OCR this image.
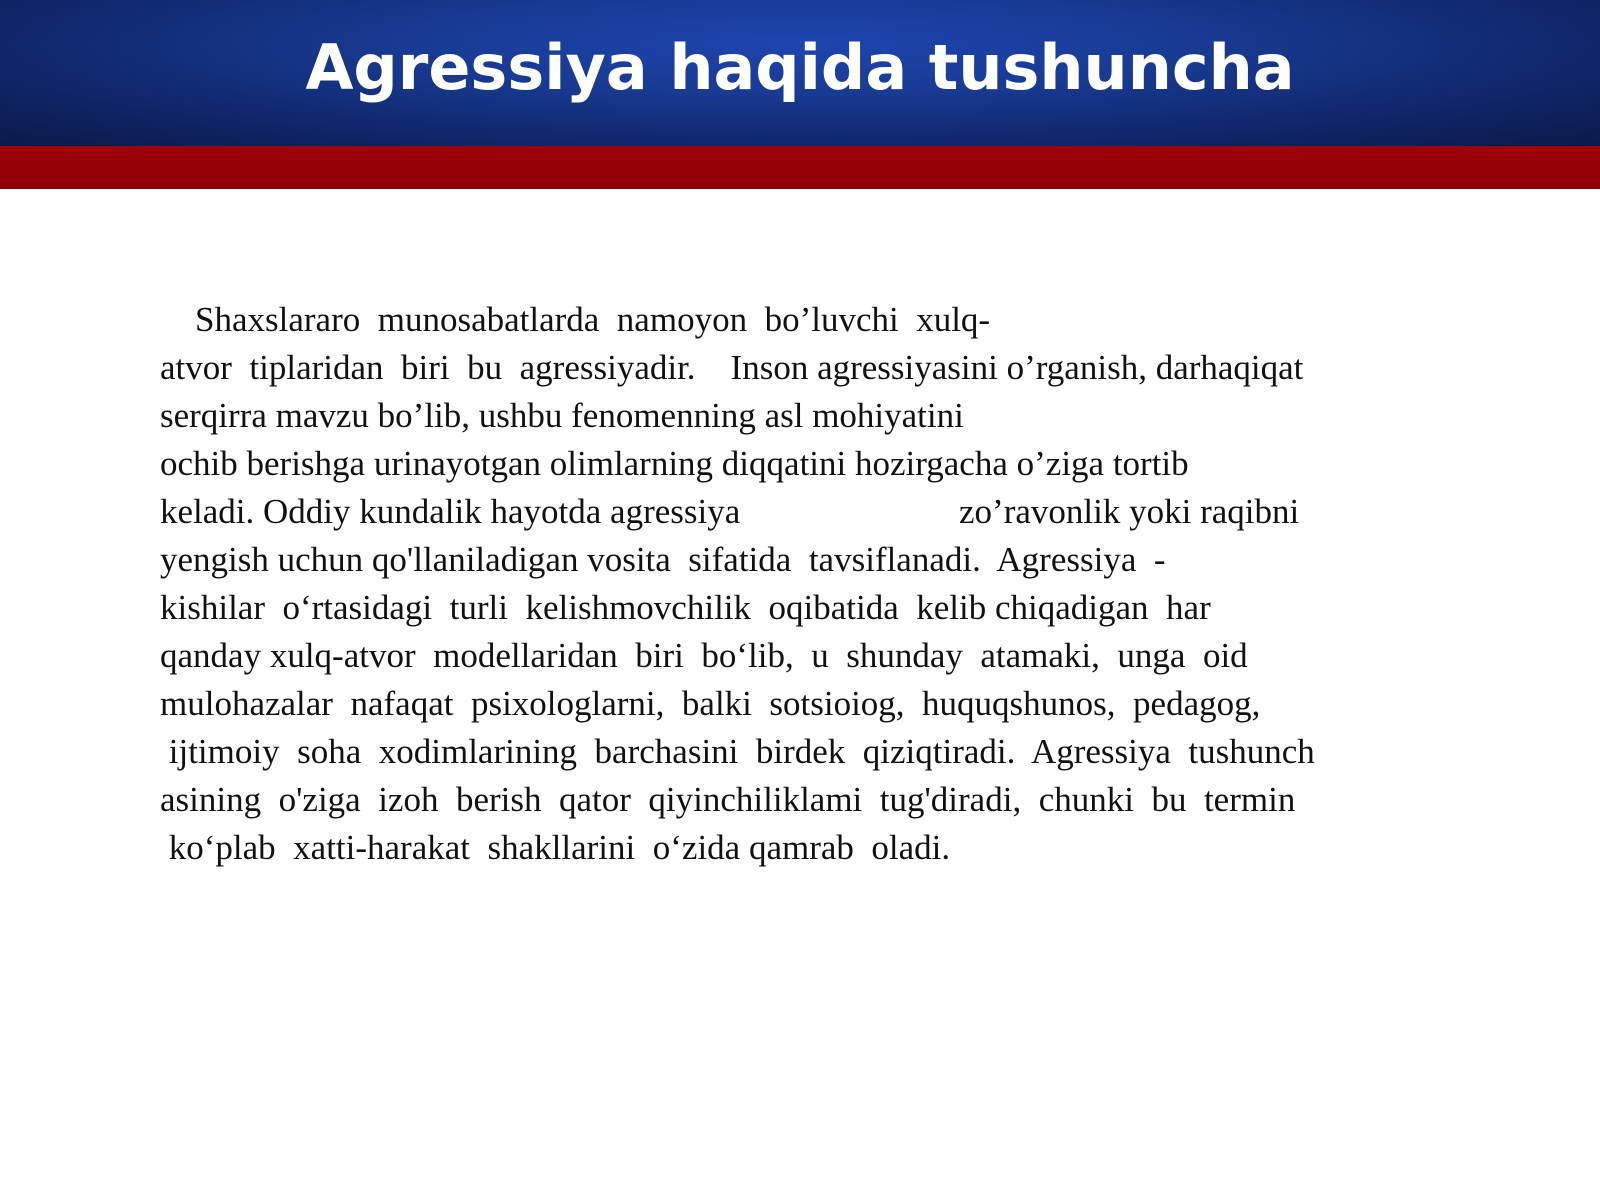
Agressiya haqida tushuncha
Shaxslararo  munosabatlarda  namoyon  bo’luvchi  xulq-
atvor  tiplaridan  biri  bu  agressiyadir.    Inson agressiyasini o’rganish, darhaqiqat
serqirra mavzu bo’lib, ushbu fenomenning asl mohiyatini
ochib berishga urinayotgan olimlarning diqqatini hozirgacha o’ziga tortib
keladi. Oddiy kundalik hayotda agressiya                         zo’ravonlik yoki raqibni
yengish uchun qo'llaniladigan vosita  sifatida  tavsiflanadi.  Agressiya  -
kishilar  o‘rtasidagi  turli  kelishmovchilik  oqibatida  kelib chiqadigan  har
qanday xulq-atvor  modellaridan  biri  bo‘lib,  u  shunday  atamaki,  unga  oid
mulohazalar  nafaqat  psixologlarni,  balki  sotsioiog,  huquqshunos,  pedagog,
ijtimoiy  soha  xodimlarining  barchasini  birdek  qiziqtiradi.  Agressiya  tushunch
asining  o'ziga  izoh  berish  qator  qiyinchiliklami  tug'diradi,  chunki  bu  termin
ko‘plab  xatti-harakat  shakllarini  o‘zida qamrab  oladi.
